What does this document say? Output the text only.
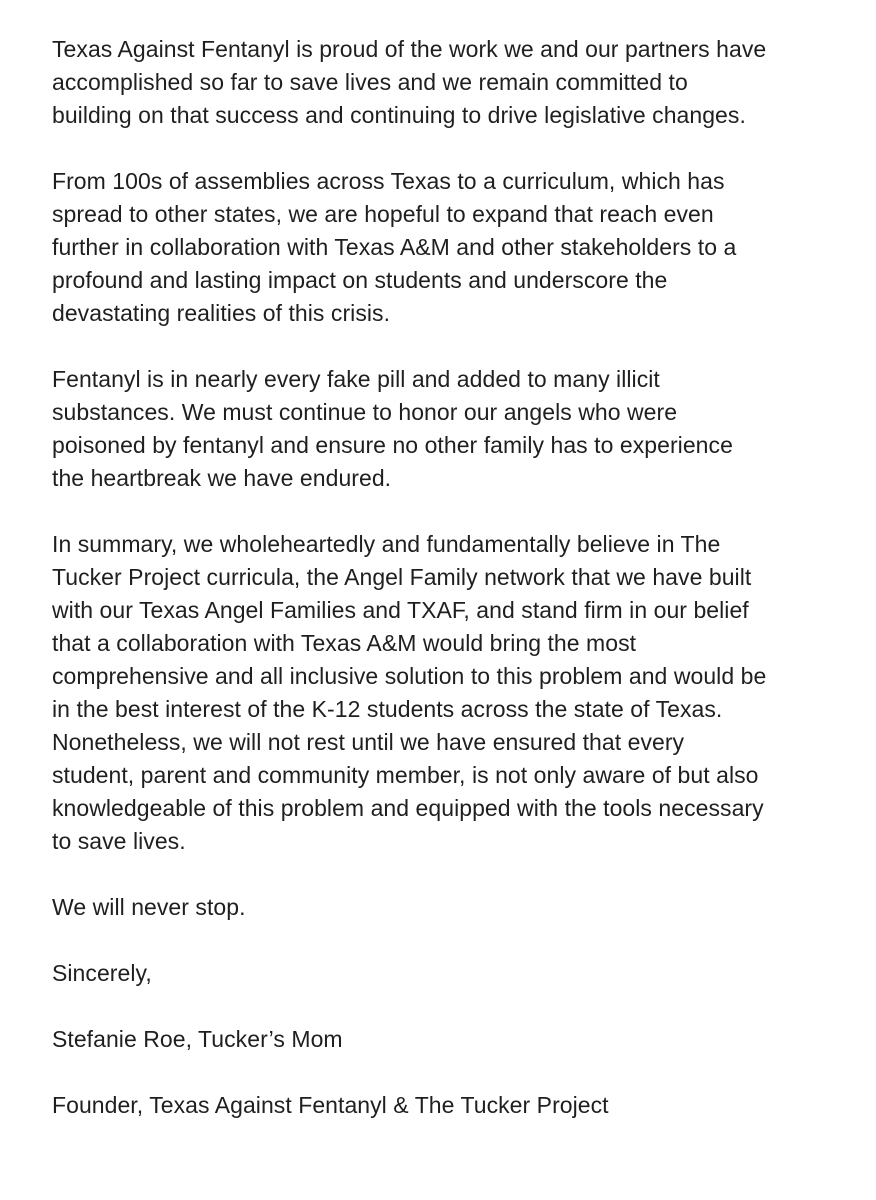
Texas Against Fentanyl is proud of the work we and our partners have
accomplished so far to save lives and we remain committed to
building on that success and continuing to drive legislative changes.
From 100s of assemblies across Texas to a curriculum, which has
spread to other states, we are hopeful to expand that reach even
further in collaboration with Texas A&M and other stakeholders to a
profound and lasting impact on students and underscore the
devastating realities of this crisis.
Fentanyl is in nearly every fake pill and added to many illicit
substances. We must continue to honor our angels who were
poisoned by fentanyl and ensure no other family has to experience
the heartbreak we have endured.
In summary, we wholeheartedly and fundamentally believe in The
Tucker Project curricula, the Angel Family network that we have built
with our Texas Angel Families and TXAF, and stand firm in our belief
that a collaboration with Texas A&M would bring the most
comprehensive and all inclusive solution to this problem and would be
in the best interest of the K-12 students across the state of Texas.
Nonetheless, we will not rest until we have ensured that every
student, parent and community member, is not only aware of but also
knowledgeable of this problem and equipped with the tools necessary
to save lives.
We will never stop.
Sincerely,
Stefanie Roe, Tucker’s Mom
Founder, Texas Against Fentanyl & The Tucker Project
